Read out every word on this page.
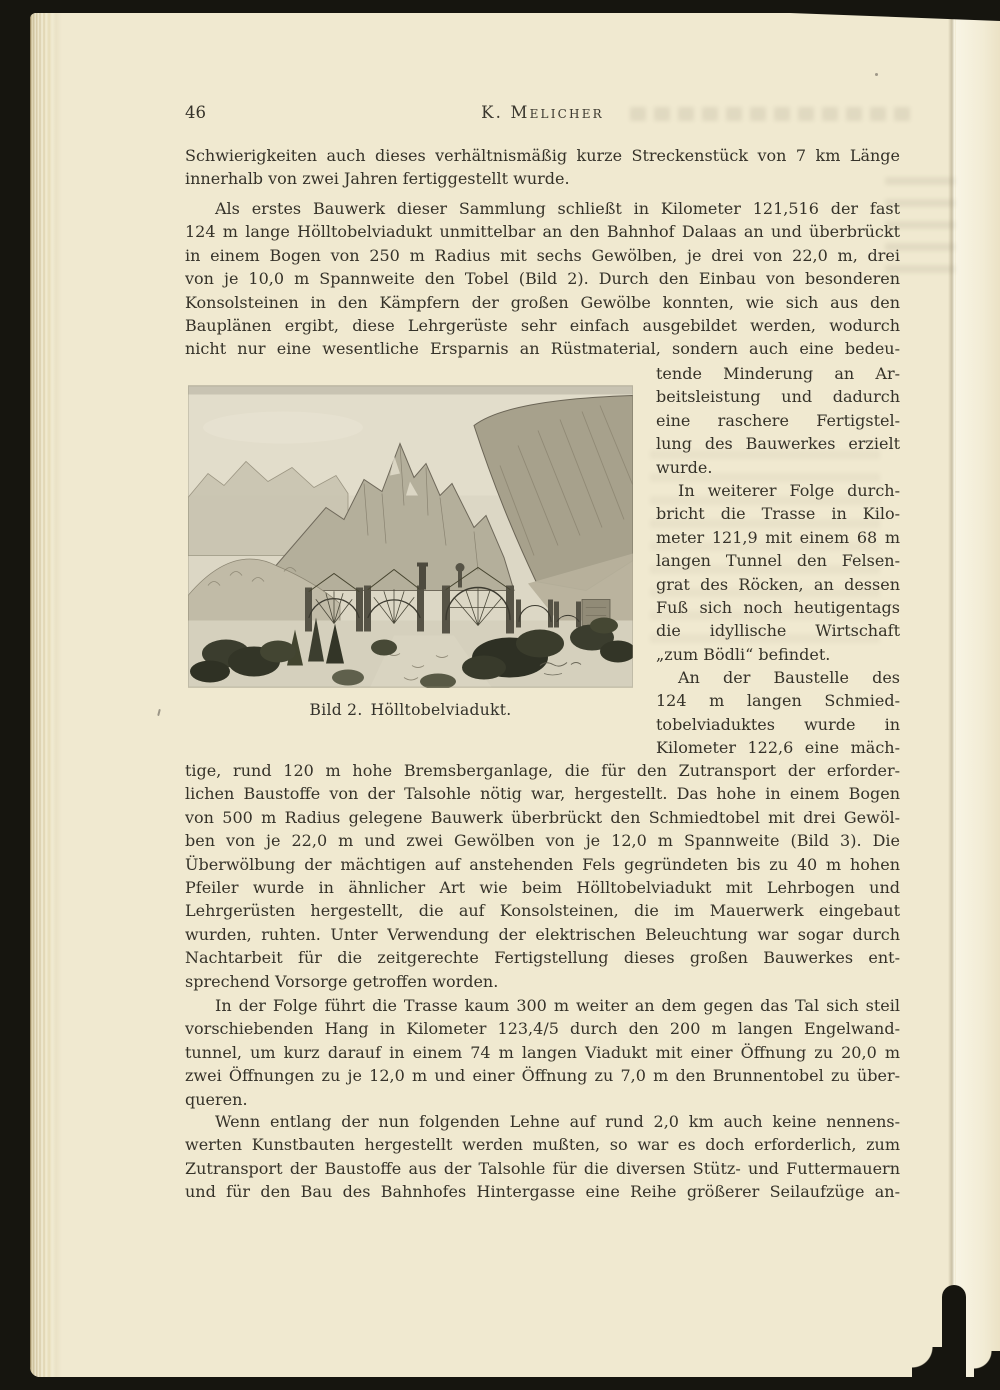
46	K. Melicher
Schwierigkeiten auch dieses verhältnismäßig kurze Streckenstück von 7 km Länge
innerhalb von zwei Jahren fertiggestellt wurde.
Als erstes Bauwerk dieser Sammlung schließt in Kilometer 121,516 der fast
124 m lange Hölltobelviadukt unmittelbar an den Bahnhof Dalaas an und überbrückt
in einem Bogen von 250 m Radius mit sechs Gewölben, je drei von 22,0 m, drei
von je 10,0 m Spannweite den Tobel (Bild 2). Durch den Einbau von besonderen
Konsolsteinen in den Kämpfern der großen Gewölbe konnten, wie sich aus den
Bauplänen ergibt, diese Lehrgerüste sehr einfach ausgebildet werden, wodurch
nicht nur eine wesentliche Ersparnis an Rüstmaterial, sondern auch eine bedeu-
Bild 2. Hölltobelviadukt.
tende Minderung an Ar-
beitsleistung und dadurch
eine raschere Fertigstel-
lung des Bauwerkes erzielt
wurde.
In weiterer Folge durch-
bricht die Trasse in Kilo-
meter 121,9 mit einem 68 m
langen Tunnel den Felsen-
grat des Röcken, an dessen
Fuß sich noch heutigentags
die idyllische Wirtschaft
„zum Bödli“ befindet.
An der Baustelle des
124 m langen Schmied-
tobelviaduktes wurde in
Kilometer 122,6 eine mäch-
tige, rund 120 m hohe Bremsberganlage, die für den Zutransport der erforder-
lichen Baustoffe von der Talsohle nötig war, hergestellt. Das hohe in einem Bogen
von 500 m Radius gelegene Bauwerk überbrückt den Schmiedtobel mit drei Gewöl-
ben von je 22,0 m und zwei Gewölben von je 12,0 m Spannweite (Bild 3). Die
Überwölbung der mächtigen auf anstehenden Fels gegründeten bis zu 40 m hohen
Pfeiler wurde in ähnlicher Art wie beim Hölltobelviadukt mit Lehrbogen und
Lehrgerüsten hergestellt, die auf Konsolsteinen, die im Mauerwerk eingebaut
wurden, ruhten. Unter Verwendung der elektrischen Beleuchtung war sogar durch
Nachtarbeit für die zeitgerechte Fertigstellung dieses großen Bauwerkes ent-
sprechend Vorsorge getroffen worden.
In der Folge führt die Trasse kaum 300 m weiter an dem gegen das Tal sich steil
vorschiebenden Hang in Kilometer 123,4/5 durch den 200 m langen Engelwand-
tunnel, um kurz darauf in einem 74 m langen Viadukt mit einer Öffnung zu 20,0 m
zwei Öffnungen zu je 12,0 m und einer Öffnung zu 7,0 m den Brunnentobel zu über-
queren.
Wenn entlang der nun folgenden Lehne auf rund 2,0 km auch keine nennens-
werten Kunstbauten hergestellt werden mußten, so war es doch erforderlich, zum
Zutransport der Baustoffe aus der Talsohle für die diversen Stütz- und Futtermauern
und für den Bau des Bahnhofes Hintergasse eine Reihe größerer Seilaufzüge an-
